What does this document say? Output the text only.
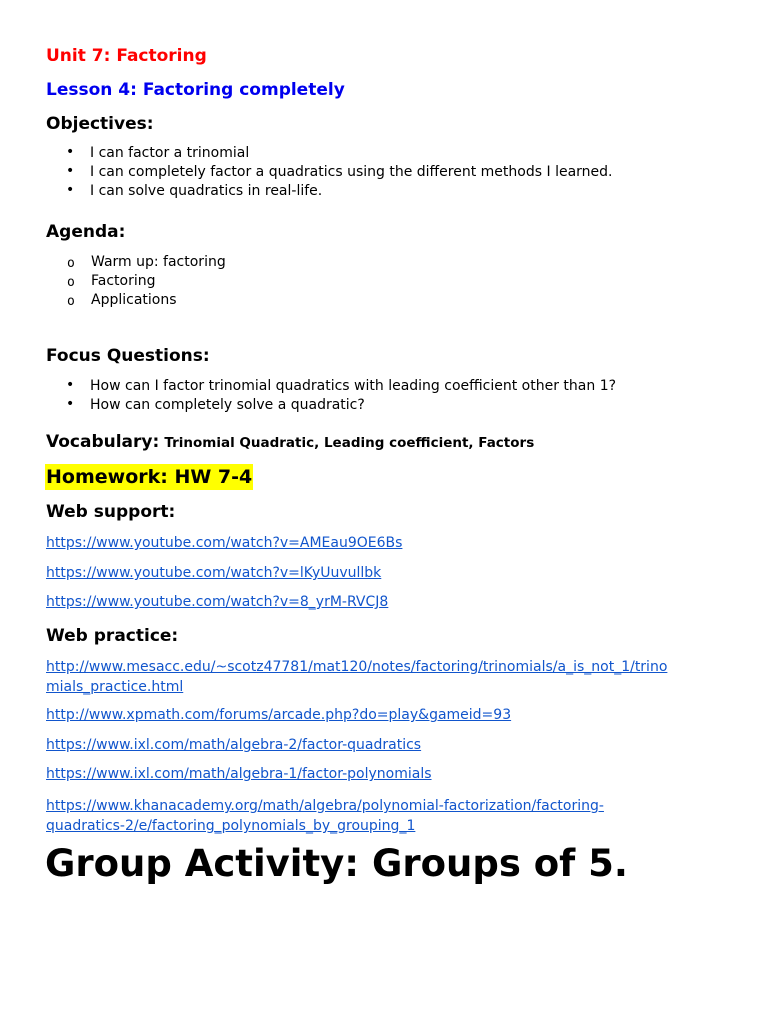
Unit 7: Factoring
Lesson 4: Factoring completely
Objectives:
• I can factor a trinomial
• I can completely factor a quadratics using the different methods I learned.
• I can solve quadratics in real-life.
Agenda:
o Warm up: factoring
o Factoring
o Applications
Focus Questions:
• How can I factor trinomial quadratics with leading coefficient other than 1?
• How can completely solve a quadratic?
Vocabulary: Trinomial Quadratic, Leading coefficient, Factors
Homework: HW 7-4
Web support:
https://www.youtube.com/watch?v=AMEau9OE6Bs
https://www.youtube.com/watch?v=lKyUuvullbk
https://www.youtube.com/watch?v=8_yrM-RVCJ8
Web practice:
http://www.mesacc.edu/~scotz47781/mat120/notes/factoring/trinomials/a_is_not_1/trino
mials_practice.html
http://www.xpmath.com/forums/arcade.php?do=play&gameid=93
https://www.ixl.com/math/algebra-2/factor-quadratics
https://www.ixl.com/math/algebra-1/factor-polynomials
https://www.khanacademy.org/math/algebra/polynomial-factorization/factoring-
quadratics-2/e/factoring_polynomials_by_grouping_1
Group Activity: Groups of 5.
